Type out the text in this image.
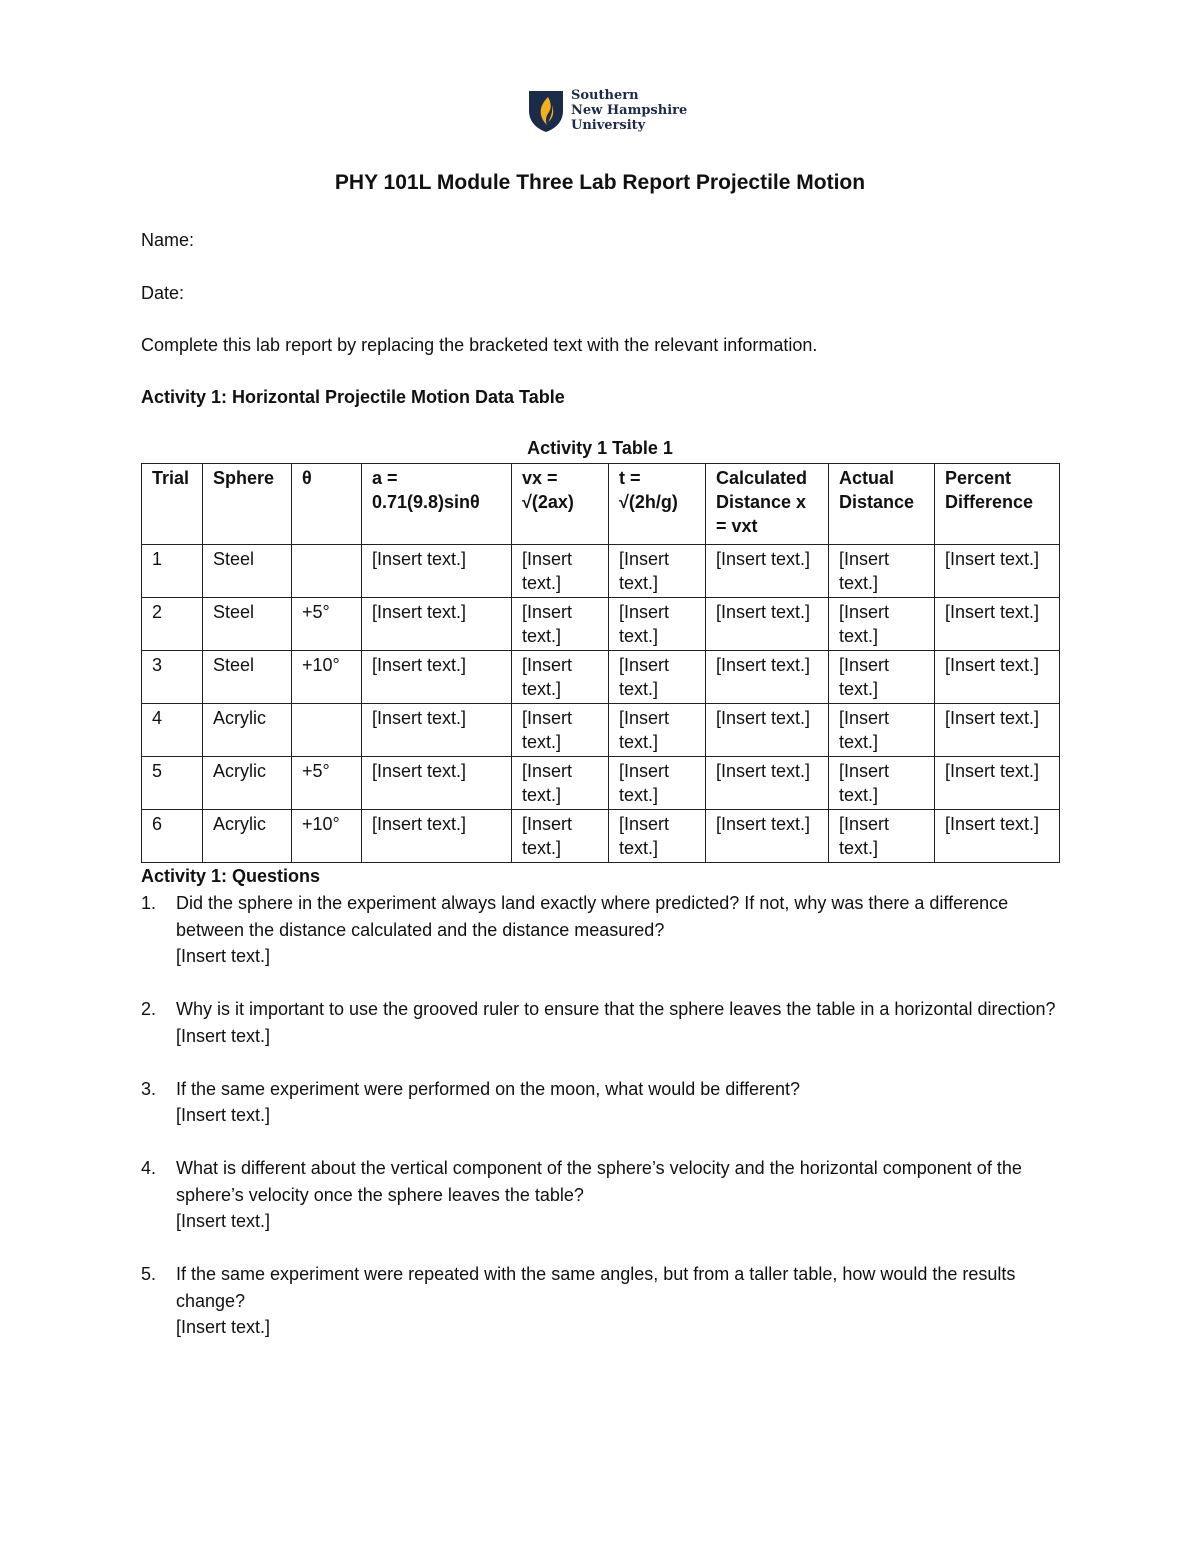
Southern
New Hampshire
University
PHY 101L Module Three Lab Report Projectile Motion
Name:
Date:
Complete this lab report by replacing the bracketed text with the relevant information.
Activity 1: Horizontal Projectile Motion Data Table
Activity 1 Table 1
Trial	Sphere	θ	a = 0.71(9.8)sinθ	vx = √(2ax)	t = √(2h/g)	Calculated Distance x = vxt	Actual Distance	Percent Difference
1	Steel		[Insert text.]	[Insert text.]	[Insert text.]	[Insert text.]	[Insert text.]	[Insert text.]
2	Steel	+5°	[Insert text.]	[Insert text.]	[Insert text.]	[Insert text.]	[Insert text.]	[Insert text.]
3	Steel	+10°	[Insert text.]	[Insert text.]	[Insert text.]	[Insert text.]	[Insert text.]	[Insert text.]
4	Acrylic		[Insert text.]	[Insert text.]	[Insert text.]	[Insert text.]	[Insert text.]	[Insert text.]
5	Acrylic	+5°	[Insert text.]	[Insert text.]	[Insert text.]	[Insert text.]	[Insert text.]	[Insert text.]
6	Acrylic	+10°	[Insert text.]	[Insert text.]	[Insert text.]	[Insert text.]	[Insert text.]	[Insert text.]
Activity 1: Questions
1. Did the sphere in the experiment always land exactly where predicted? If not, why was there a difference between the distance calculated and the distance measured?
[Insert text.]
2. Why is it important to use the grooved ruler to ensure that the sphere leaves the table in a horizontal direction?
[Insert text.]
3. If the same experiment were performed on the moon, what would be different?
[Insert text.]
4. What is different about the vertical component of the sphere’s velocity and the horizontal component of the sphere’s velocity once the sphere leaves the table?
[Insert text.]
5. If the same experiment were repeated with the same angles, but from a taller table, how would the results change?
[Insert text.]
